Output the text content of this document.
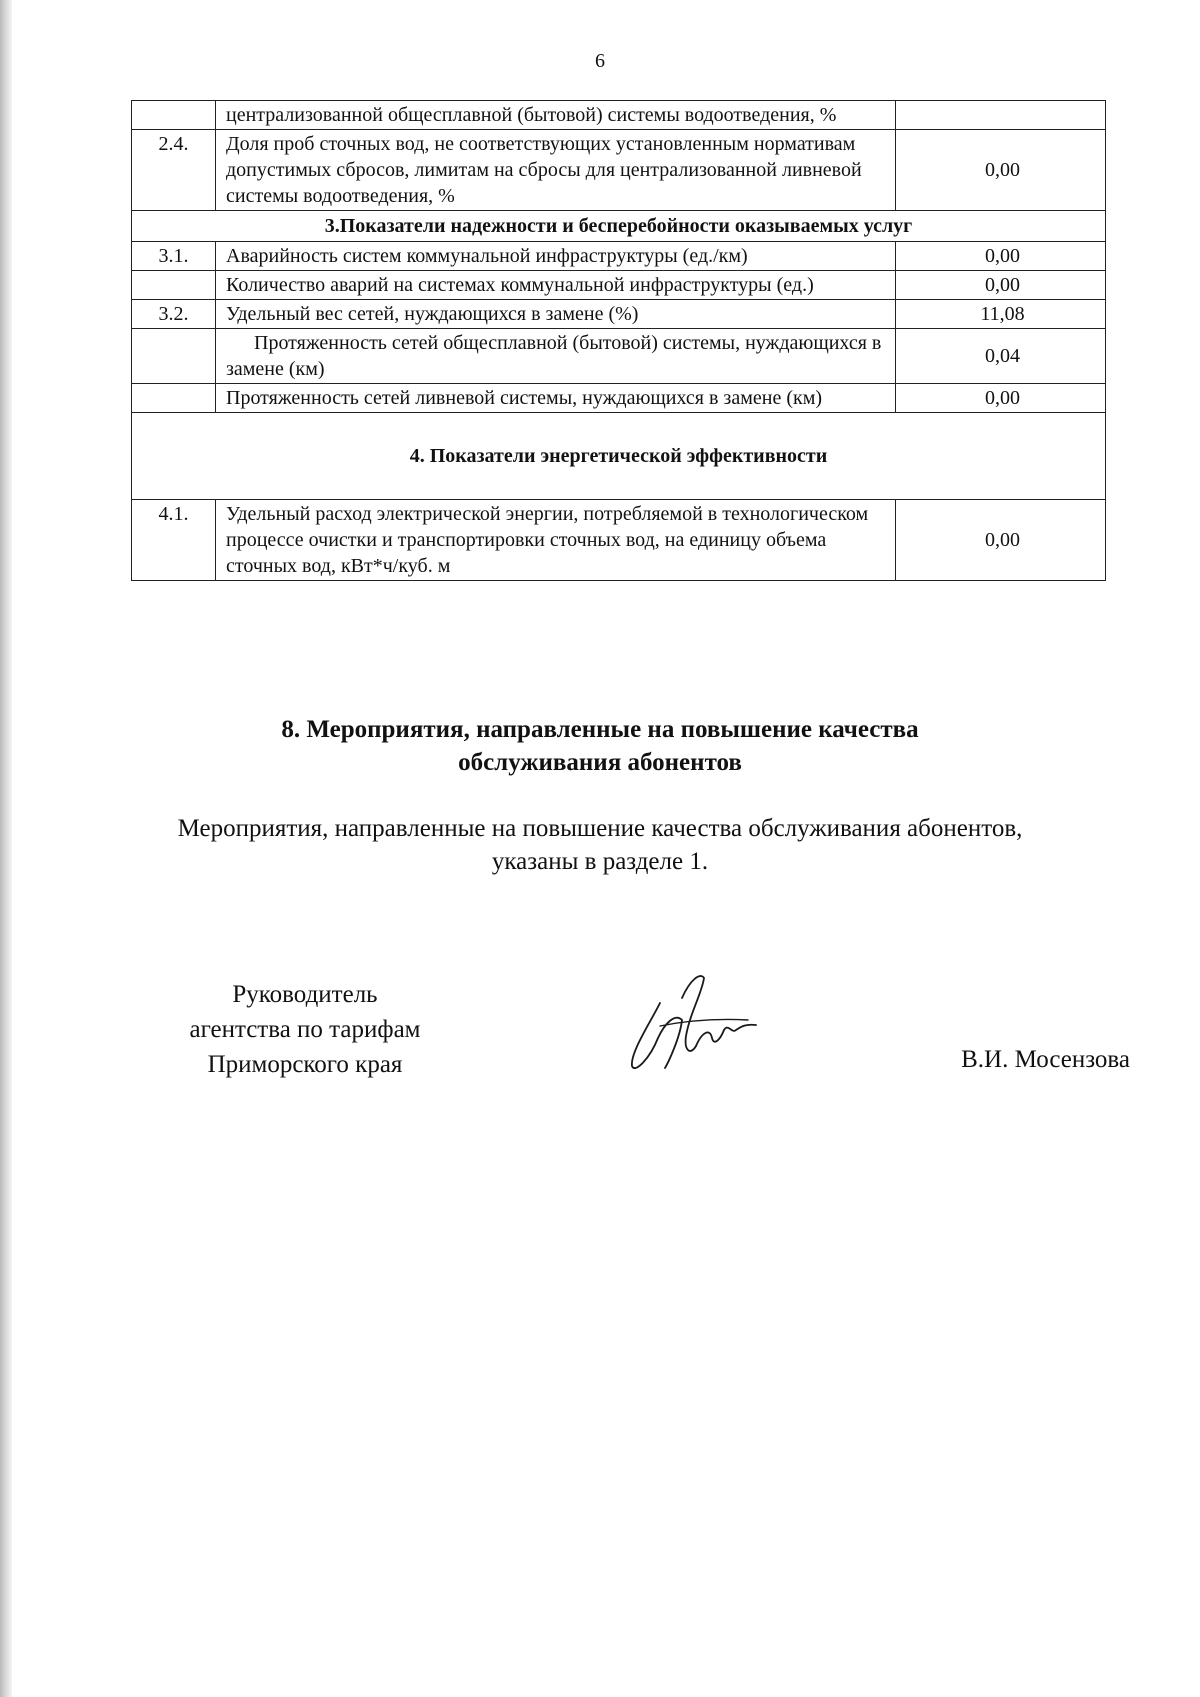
6
	централизованной общесплавной (бытовой) системы водоотведения, %	
2.4.	Доля проб сточных вод, не соответствующих установленным нормативам допустимых сбросов, лимитам на сбросы для централизованной ливневой системы водоотведения, %	0,00
3.Показатели надежности и бесперебойности оказываемых услуг		
3.1.	Аварийность систем коммунальной инфраструктуры (ед./км)	0,00
	Количество аварий на системах коммунальной инфраструктуры (ед.)	0,00
3.2.	Удельный вес сетей, нуждающихся в замене (%)	11,08
	Протяженность сетей общесплавной (бытовой) системы, нуждающихся в замене (км)	0,04
	Протяженность сетей ливневой системы, нуждающихся в замене (км)	0,00
4. Показатели энергетической эффективности		
4.1.	Удельный расход электрической энергии, потребляемой в технологическом процессе очистки и транспортировки сточных вод, на единицу объема сточных вод, кВт*ч/куб. м	0,00
8. Мероприятия, направленные на повышение качества
обслуживания абонентов
Мероприятия, направленные на повышение качества обслуживания абонентов,
указаны в разделе 1.
Руководитель
агентства по тарифам
Приморского края	В.И. Мосензова
